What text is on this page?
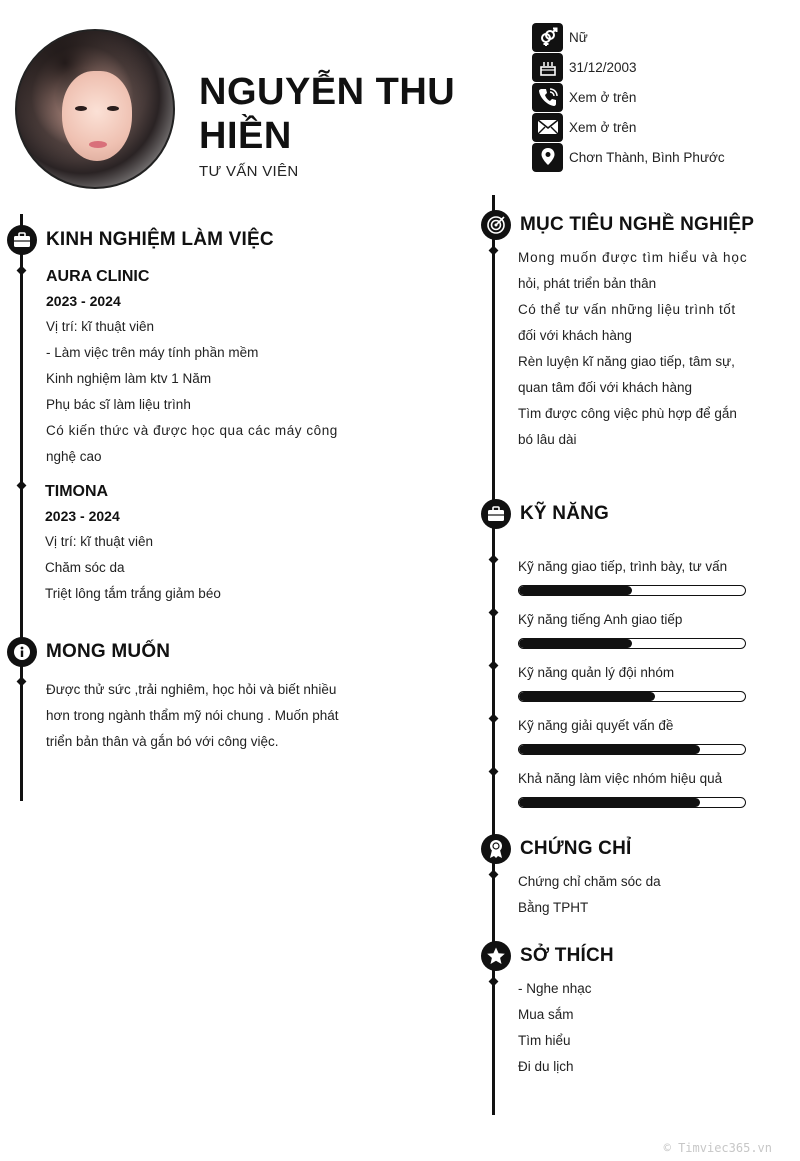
NGUYỄN THU
HIỀN
TƯ VẤN VIÊN
Nữ
31/12/2003
Xem ở trên
Xem ở trên
Chơn Thành, Bình Phước
KINH NGHIỆM LÀM VIỆC
AURA CLINIC
2023 - 2024
Vị trí: kĩ thuật viên
- Làm việc trên máy tính phần mềm
Kinh nghiệm làm ktv 1 Năm
Phụ bác sĩ làm liệu trình
Có kiến thức và được học qua các máy công
nghệ cao
TIMONA
2023 - 2024
Vị trí: kĩ thuật viên
Chăm sóc da
Triệt lông tắm trắng giảm béo
MONG MUỐN
Được thử sức ,trải nghiêm, học hỏi và biết nhiều
hơn trong ngành thẩm mỹ nói chung . Muốn phát
triển bản thân và gắn bó với công việc.
MỤC TIÊU NGHỀ NGHIỆP
Mong muốn được tìm hiểu và học
hỏi, phát triển bản thân
Có thể tư vấn những liệu trình tốt
đối với khách hàng
Rèn luyện kĩ năng giao tiếp, tâm sự,
quan tâm đối với khách hàng
Tìm được công việc phù hợp để gắn
bó lâu dài
KỸ NĂNG
Kỹ năng giao tiếp, trình bày, tư vấn
Kỹ năng tiếng Anh giao tiếp
Kỹ năng quản lý đội nhóm
Kỹ năng giải quyết vấn đề
Khả năng làm việc nhóm hiệu quả
CHỨNG CHỈ
Chứng chỉ chăm sóc da
Bằng TPHT
SỞ THÍCH
- Nghe nhạc
Mua sắm
Tìm hiểu
Đi du lịch
© Timviec365.vn
